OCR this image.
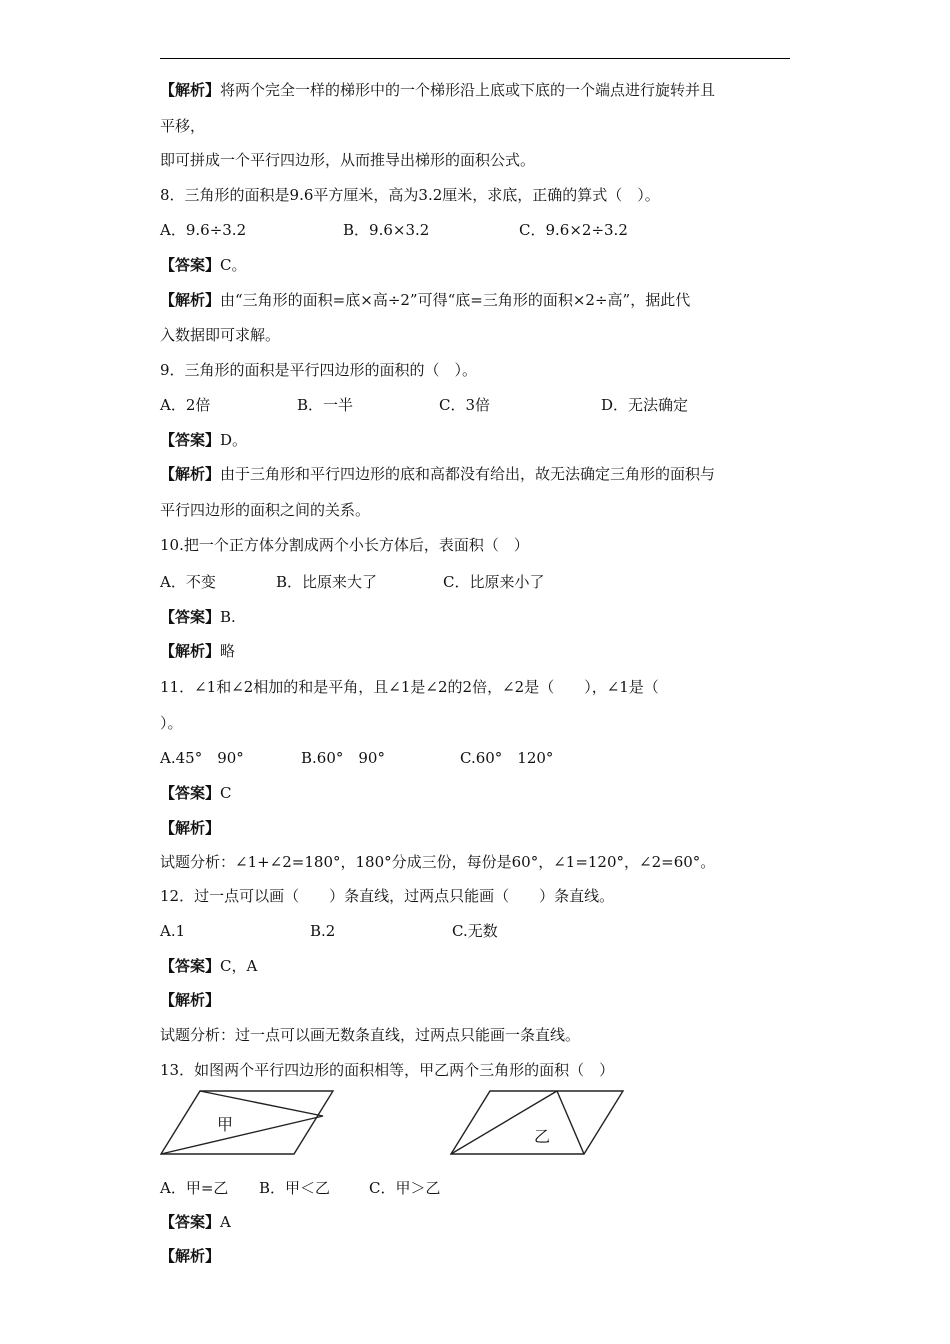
【解析】将两个完全一样的梯形中的一个梯形沿上底或下底的一个端点进行旋转并且
平移，
即可拼成一个平行四边形，从而推导出梯形的面积公式。
8．三角形的面积是9.6平方厘米，高为3.2厘米，求底，正确的算式（　）。
A．9.6÷3.2	B．9.6×3.2	C．9.6×2÷3.2
【答案】C。
【解析】由“三角形的面积=底×高÷2”可得“底=三角形的面积×2÷高”，据此代
入数据即可求解。
9．三角形的面积是平行四边形的面积的（　）。
A．2倍	B．一半	C．3倍	D．无法确定
【答案】D。
【解析】由于三角形和平行四边形的底和高都没有给出，故无法确定三角形的面积与
平行四边形的面积之间的关系。
10.把一个正方体分割成两个小长方体后，表面积（　）
A．不变	B．比原来大了	C．比原来小了
【答案】B.
【解析】略
11．∠1和∠2相加的和是平角，且∠1是∠2的2倍，∠2是（　　），∠1是（
）。
A.45°　90°	B.60°　90°	C.60°　120°
【答案】C
【解析】
试题分析：∠1+∠2=180°，180°分成三份，每份是60°，∠1=120°，∠2=60°。
12．过一点可以画（　　）条直线，过两点只能画（　　）条直线。
A.1	B.2	C.无数
【答案】C，A
【解析】
试题分析：过一点可以画无数条直线，过两点只能画一条直线。
13．如图两个平行四边形的面积相等，甲乙两个三角形的面积（　）
甲
乙
A．甲=乙 B．甲＜乙	C．甲＞乙
【答案】A
【解析】
